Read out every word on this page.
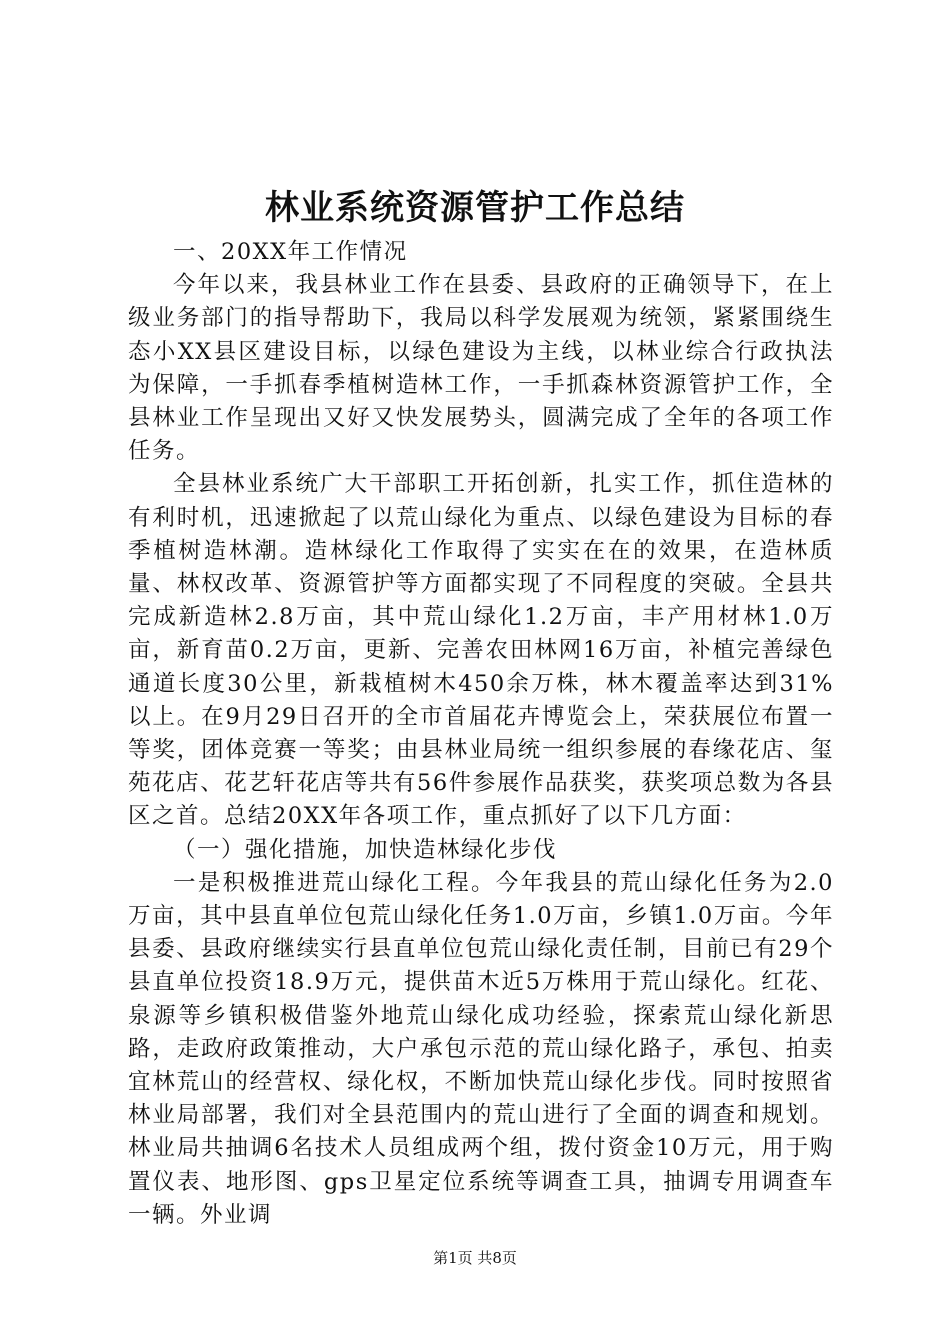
林业系统资源管护工作总结

一、20XX年工作情况

今年以来，我县林业工作在县委、县政府的正确领导下，在上级业务部门的指导帮助下，我局以科学发展观为统领，紧紧围绕生态小XX县区建设目标，以绿色建设为主线，以林业综合行政执法为保障，一手抓春季植树造林工作，一手抓森林资源管护工作，全县林业工作呈现出又好又快发展势头，圆满完成了全年的各项工作任务。

全县林业系统广大干部职工开拓创新，扎实工作，抓住造林的有利时机，迅速掀起了以荒山绿化为重点、以绿色建设为目标的春季植树造林潮。造林绿化工作取得了实实在在的效果，在造林质量、林权改革、资源管护等方面都实现了不同程度的突破。全县共完成新造林2.8万亩，其中荒山绿化1.2万亩，丰产用材林1.0万亩，新育苗0.2万亩，更新、完善农田林网16万亩，补植完善绿色通道长度30公里，新栽植树木450余万株，林木覆盖率达到31%以上。在9月29日召开的全市首届花卉博览会上，荣获展位布置一等奖，团体竞赛一等奖；由县林业局统一组织参展的春缘花店、玺苑花店、花艺轩花店等共有56件参展作品获奖，获奖项总数为各县区之首。总结20XX年各项工作，重点抓好了以下几方面：

（一）强化措施，加快造林绿化步伐

一是积极推进荒山绿化工程。今年我县的荒山绿化任务为2.0万亩，其中县直单位包荒山绿化任务1.0万亩，乡镇1.0万亩。今年县委、县政府继续实行县直单位包荒山绿化责任制，目前已有29个县直单位投资18.9万元，提供苗木近5万株用于荒山绿化。红花、泉源等乡镇积极借鉴外地荒山绿化成功经验，探索荒山绿化新思路，走政府政策推动，大户承包示范的荒山绿化路子，承包、拍卖宜林荒山的经营权、绿化权，不断加快荒山绿化步伐。同时按照省林业局部署，我们对全县范围内的荒山进行了全面的调查和规划。林业局共抽调6名技术人员组成两个组，拨付资金10万元，用于购置仪表、地形图、gps卫星定位系统等调查工具，抽调专用调查车一辆。外业调

第1页 共8页
